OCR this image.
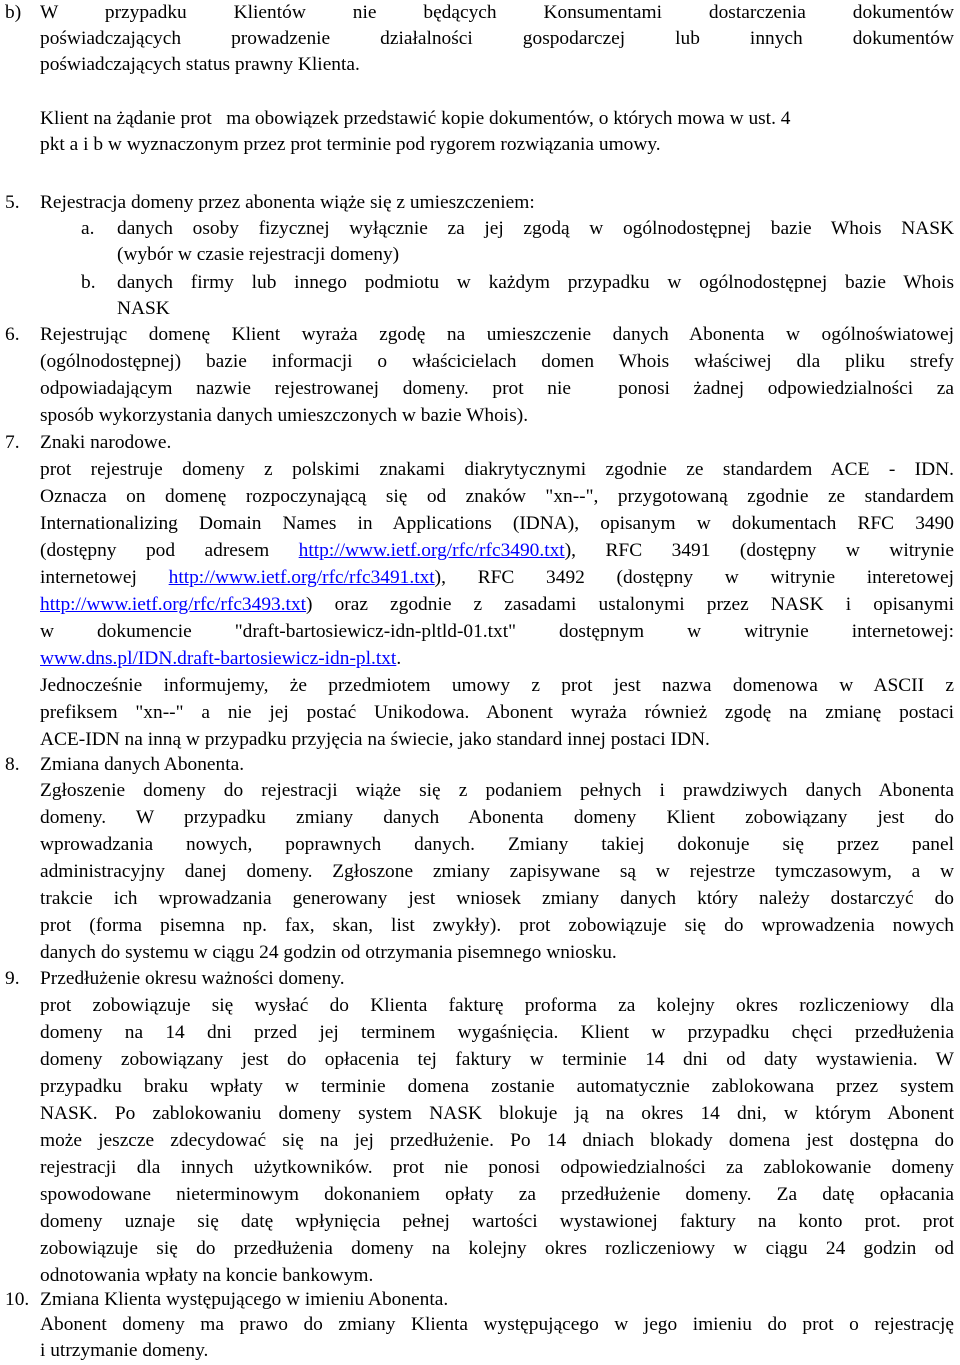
b) W przypadku Klientów nie będących Konsumentami dostarczenia dokumentów
poświadczających prowadzenie działalności gospodarczej lub innych dokumentów
poświadczających status prawny Klienta.
Klient na żądanie prot   ma obowiązek przedstawić kopie dokumentów, o których mowa w ust. 4
pkt a i b w wyznaczonym przez prot terminie pod rygorem rozwiązania umowy.
5.	Rejestracja domeny przez abonenta wiąże się z umieszczeniem:
a.	danych osoby fizycznej wyłącznie za jej zgodą w ogólnodostępnej bazie Whois NASK
(wybór w czasie rejestracji domeny)
b.	danych firmy lub innego podmiotu w każdym przypadku w ogólnodostępnej bazie Whois
NASK
6.	Rejestrując domenę Klient wyraża zgodę na umieszczenie danych Abonenta w ogólnoświatowej
(ogólnodostępnej) bazie informacji o właścicielach domen Whois właściwej dla pliku strefy
odpowiadającym nazwie rejestrowanej domeny. prot nie  ponosi żadnej odpowiedzialności za
sposób wykorzystania danych umieszczonych w bazie Whois).
7.	Znaki narodowe.
prot rejestruje domeny z polskimi znakami diakrytycznymi zgodnie ze standardem ACE - IDN.
Oznacza on domenę rozpoczynającą się od znaków "xn--", przygotowaną zgodnie ze standardem
Internationalizing Domain Names in Applications (IDNA), opisanym w dokumentach RFC 3490
(dostępny pod adresem http://www.ietf.org/rfc/rfc3490.txt), RFC 3491 (dostępny w witrynie
internetowej http://www.ietf.org/rfc/rfc3491.txt), RFC 3492 (dostępny w witrynie interetowej
http://www.ietf.org/rfc/rfc3493.txt) oraz zgodnie z zasadami ustalonymi przez NASK i opisanymi
w dokumencie "draft-bartosiewicz-idn-pltld-01.txt" dostępnym w witrynie internetowej:
www.dns.pl/IDN.draft-bartosiewicz-idn-pl.txt.
Jednocześnie informujemy, że przedmiotem umowy z prot jest nazwa domenowa w ASCII z
prefiksem "xn--" a nie jej postać Unikodowa. Abonent wyraża również zgodę na zmianę postaci
ACE-IDN na inną w przypadku przyjęcia na świecie, jako standard innej postaci IDN.
8.	Zmiana danych Abonenta.
Zgłoszenie domeny do rejestracji wiąże się z podaniem pełnych i prawdziwych danych Abonenta
domeny. W przypadku zmiany danych Abonenta domeny Klient zobowiązany jest do
wprowadzania nowych, poprawnych danych. Zmiany takiej dokonuje się przez panel
administracyjny danej domeny. Zgłoszone zmiany zapisywane są w rejestrze tymczasowym, a w
trakcie ich wprowadzania generowany jest wniosek zmiany danych który należy dostarczyć do
prot (forma pisemna np. fax, skan, list zwykły). prot zobowiązuje się do wprowadzenia nowych
danych do systemu w ciągu 24 godzin od otrzymania pisemnego wniosku.
9.	Przedłużenie okresu ważności domeny.
prot zobowiązuje się wysłać do Klienta fakturę proforma za kolejny okres rozliczeniowy dla
domeny na 14 dni przed jej terminem wygaśnięcia. Klient w przypadku chęci przedłużenia
domeny zobowiązany jest do opłacenia tej faktury w terminie 14 dni od daty wystawienia. W
przypadku braku wpłaty w terminie domena zostanie automatycznie zablokowana przez system
NASK. Po zablokowaniu domeny system NASK blokuje ją na okres 14 dni, w którym Abonent
może jeszcze zdecydować się na jej przedłużenie. Po 14 dniach blokady domena jest dostępna do
rejestracji dla innych użytkowników. prot nie ponosi odpowiedzialności za zablokowanie domeny
spowodowane nieterminowym dokonaniem opłaty za przedłużenie domeny. Za datę opłacania
domeny uznaje się datę wpłynięcia pełnej wartości wystawionej faktury na konto prot. prot
zobowiązuje się do przedłużenia domeny na kolejny okres rozliczeniowy w ciągu 24 godzin od
odnotowania wpłaty na koncie bankowym.
10. Zmiana Klienta występującego w imieniu Abonenta.
Abonent domeny ma prawo do zmiany Klienta występującego w jego imieniu do prot o rejestrację
i utrzymanie domeny.
